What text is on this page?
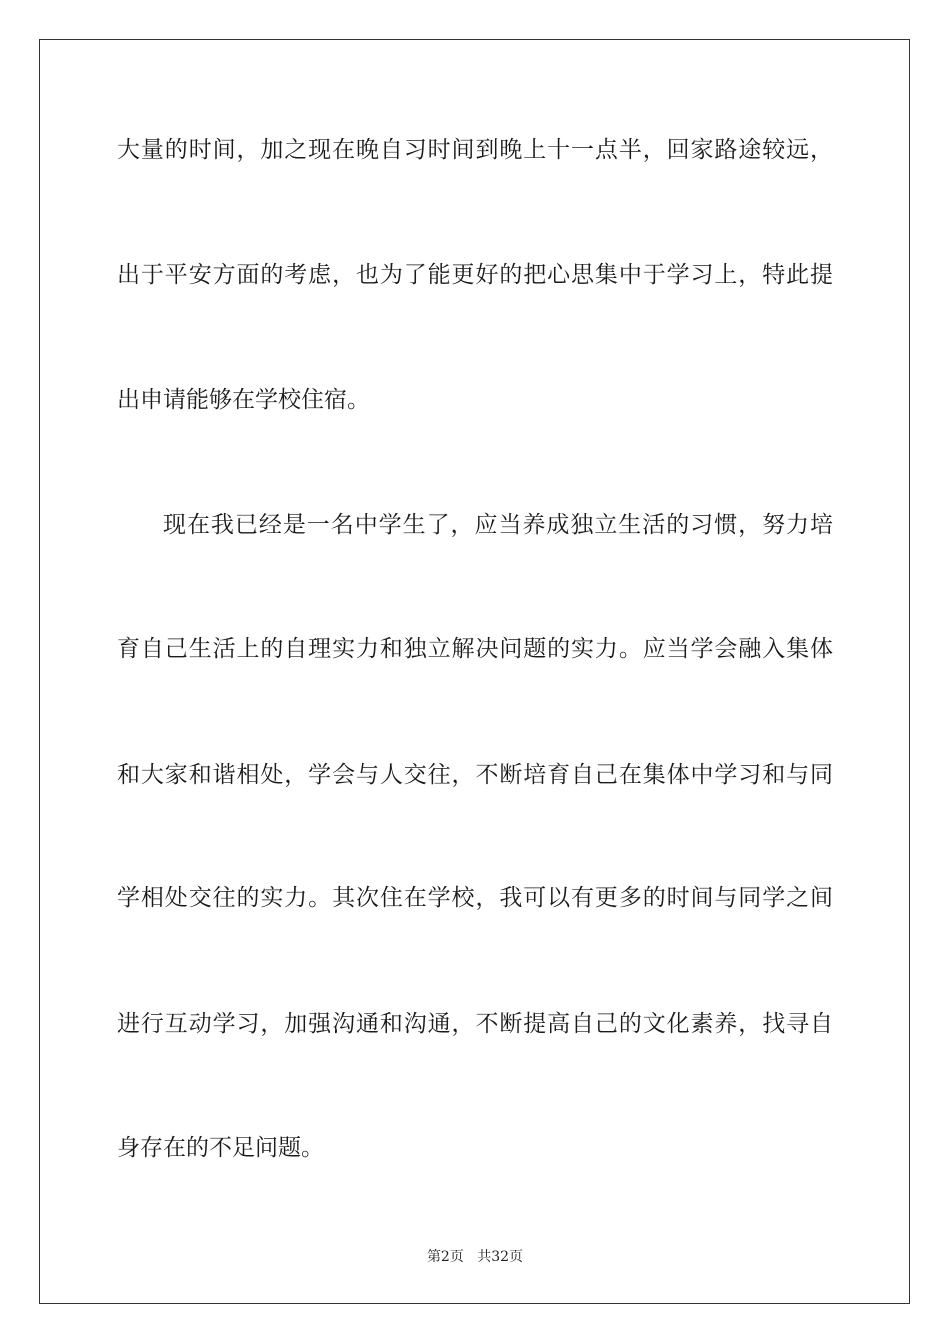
大量的时间，加之现在晚自习时间到晚上十一点半，回家路途较远，
出于平安方面的考虑，也为了能更好的把心思集中于学习上，特此提
出申请能够在学校住宿。
现在我已经是一名中学生了，应当养成独立生活的习惯，努力培
育自己生活上的自理实力和独立解决问题的实力。应当学会融入集体
和大家和谐相处，学会与人交往，不断培育自己在集体中学习和与同
学相处交往的实力。其次住在学校，我可以有更多的时间与同学之间
进行互动学习，加强沟通和沟通，不断提高自己的文化素养，找寻自
身存在的不足问题。
第2页 共32页
